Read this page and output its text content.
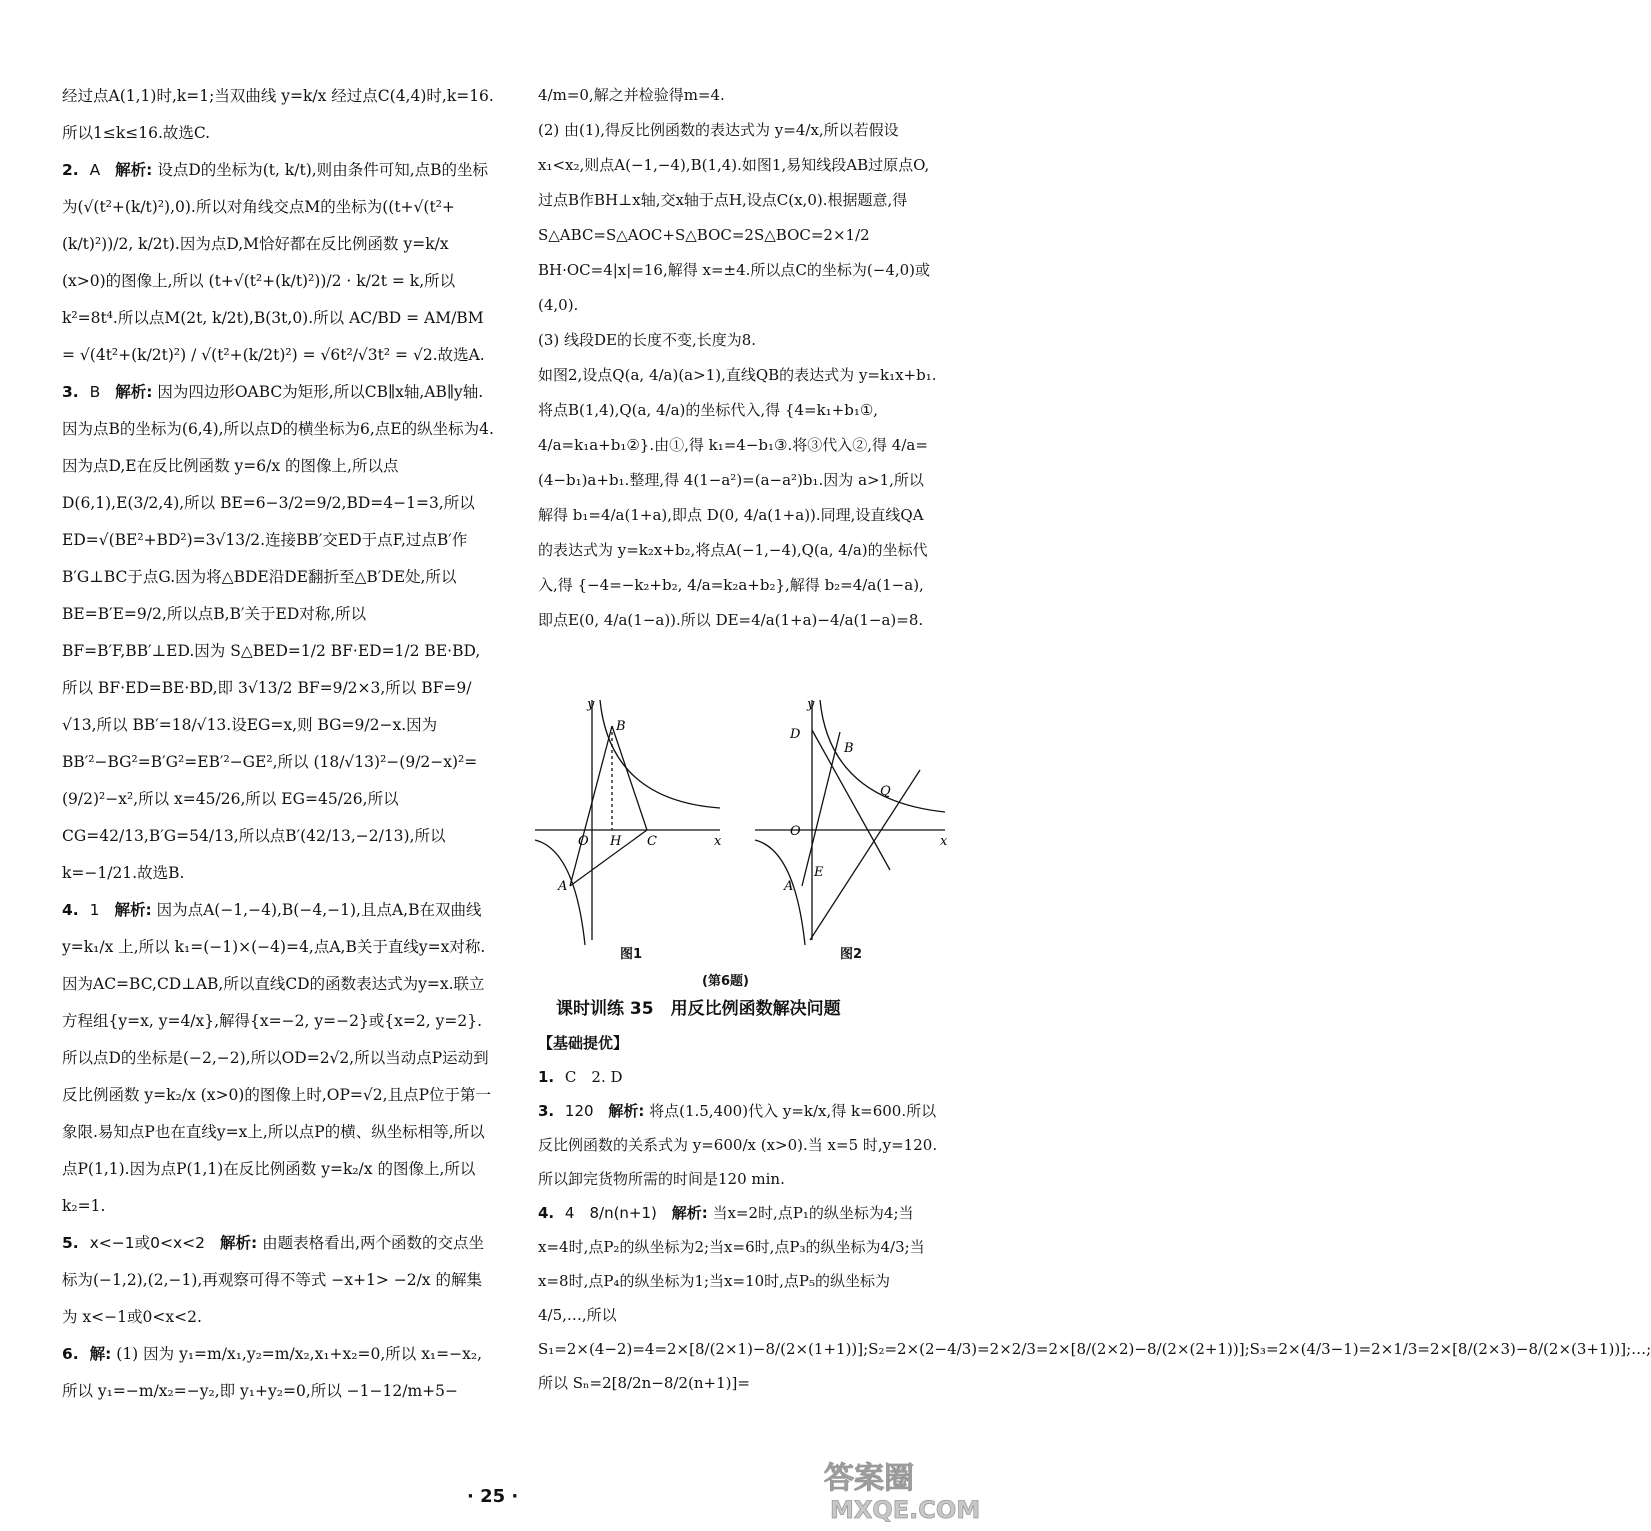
经过点A(1,1)时,k=1;当双曲线 y=k/x 经过点C(4,4)时,k=16.所以1≤k≤16.故选C.

2. A 解析: 设点D的坐标为(t, k/t),则由条件可知,点B的坐标为(√(t²+(k/t)²),0).所以对角线交点M的坐标为((t+√(t²+(k/t)²))/2, k/2t).因为点D,M恰好都在反比例函数 y=k/x (x>0)的图像上,所以 (t+√(t²+(k/t)²))/2 · k/2t = k,所以 k²=8t⁴.所以点M(2t, k/2t),B(3t,0).所以 AC/BD = AM/BM = √(4t²+(k/2t)²) / √(t²+(k/2t)²) = √6t²/√3t² = √2.故选A.

3. B 解析: 因为四边形OABC为矩形,所以CB∥x轴,AB∥y轴.因为点B的坐标为(6,4),所以点D的横坐标为6,点E的纵坐标为4.因为点D,E在反比例函数 y=6/x 的图像上,所以点D(6,1),E(3/2,4),所以 BE=6−3/2=9/2,BD=4−1=3,所以 ED=√(BE²+BD²)=3√13/2.连接BB′交ED于点F,过点B′作B′G⊥BC于点G.因为将△BDE沿DE翻折至△B′DE处,所以 BE=B′E=9/2,所以点B,B′关于ED对称,所以BF=B′F,BB′⊥ED.因为 S△BED=1/2 BF·ED=1/2 BE·BD,所以 BF·ED=BE·BD,即 3√13/2 BF=9/2×3,所以 BF=9/√13,所以 BB′=18/√13.设EG=x,则 BG=9/2−x.因为 BB′²−BG²=B′G²=EB′²−GE²,所以 (18/√13)²−(9/2−x)²=(9/2)²−x²,所以 x=45/26,所以 EG=45/26,所以 CG=42/13,B′G=54/13,所以点B′(42/13,−2/13),所以 k=−1/21.故选B.

4. 1 解析: 因为点A(−1,−4),B(−4,−1),且点A,B在双曲线 y=k₁/x 上,所以 k₁=(−1)×(−4)=4,点A,B关于直线y=x对称.因为AC=BC,CD⊥AB,所以直线CD的函数表达式为y=x.联立方程组{y=x, y=4/x},解得{x=−2, y=−2}或{x=2, y=2}.所以点D的坐标是(−2,−2),所以OD=2√2,所以当动点P运动到反比例函数 y=k₂/x (x>0)的图像上时,OP=√2,且点P位于第一象限.易知点P也在直线y=x上,所以点P的横、纵坐标相等,所以点P(1,1).因为点P(1,1)在反比例函数 y=k₂/x 的图像上,所以 k₂=1.

5. x<−1或0<x<2 解析: 由题表格看出,两个函数的交点坐标为(−1,2),(2,−1),再观察可得不等式 −x+1> −2/x 的解集为 x<−1或0<x<2.

6. 解: (1) 因为 y₁=m/x₁,y₂=m/x₂,x₁+x₂=0,所以 x₁=−x₂,所以 y₁=−m/x₂=−y₂,即 y₁+y₂=0,所以 −1−12/m+5−

4/m=0,解之并检验得m=4.

(2) 由(1),得反比例函数的表达式为 y=4/x,所以若假设x₁<x₂,则点A(−1,−4),B(1,4).如图1,易知线段AB过原点O,过点B作BH⊥x轴,交x轴于点H,设点C(x,0).根据题意,得 S△ABC=S△AOC+S△BOC=2S△BOC=2×1/2 BH·OC=4|x|=16,解得 x=±4.所以点C的坐标为(−4,0)或(4,0).

(3) 线段DE的长度不变,长度为8.

如图2,设点Q(a, 4/a)(a>1),直线QB的表达式为 y=k₁x+b₁.将点B(1,4),Q(a, 4/a)的坐标代入,得 {4=k₁+b₁①, 4/a=k₁a+b₁②}.由①,得 k₁=4−b₁③.将③代入②,得 4/a=(4−b₁)a+b₁.整理,得 4(1−a²)=(a−a²)b₁.因为 a>1,所以解得 b₁=4/a(1+a),即点 D(0, 4/a(1+a)).同理,设直线QA的表达式为 y=k₂x+b₂,将点A(−1,−4),Q(a, 4/a)的坐标代入,得 {−4=−k₂+b₂, 4/a=k₂a+b₂},解得 b₂=4/a(1−a),即点E(0, 4/a(1−a)).所以 DE=4/a(1+a)−4/a(1−a)=8.

y
B
O H C	x
A
y
D
B
Q
O
x
E
A
图1	图2
(第6题)
课时训练 35　用反比例函数解决问题

【基础提优】

1. C　2. D

3. 120 解析: 将点(1.5,400)代入 y=k/x,得 k=600.所以反比例函数的关系式为 y=600/x (x>0).当 x=5 时,y=120.所以卸完货物所需的时间是120 min.

4. 4　8/n(n+1) 解析: 当x=2时,点P₁的纵坐标为4;当x=4时,点P₂的纵坐标为2;当x=6时,点P₃的纵坐标为4/3;当x=8时,点P₄的纵坐标为1;当x=10时,点P₅的纵坐标为4/5,…,所以 S₁=2×(4−2)=4=2×[8/(2×1)−8/(2×(1+1))];S₂=2×(2−4/3)=2×2/3=2×[8/(2×2)−8/(2×(2+1))];S₃=2×(4/3−1)=2×1/3=2×[8/(2×3)−8/(2×(3+1))];…;所以 Sₙ=2[8/2n−8/2(n+1)]=

· 25 ·
答案圈
MXQE.COM
